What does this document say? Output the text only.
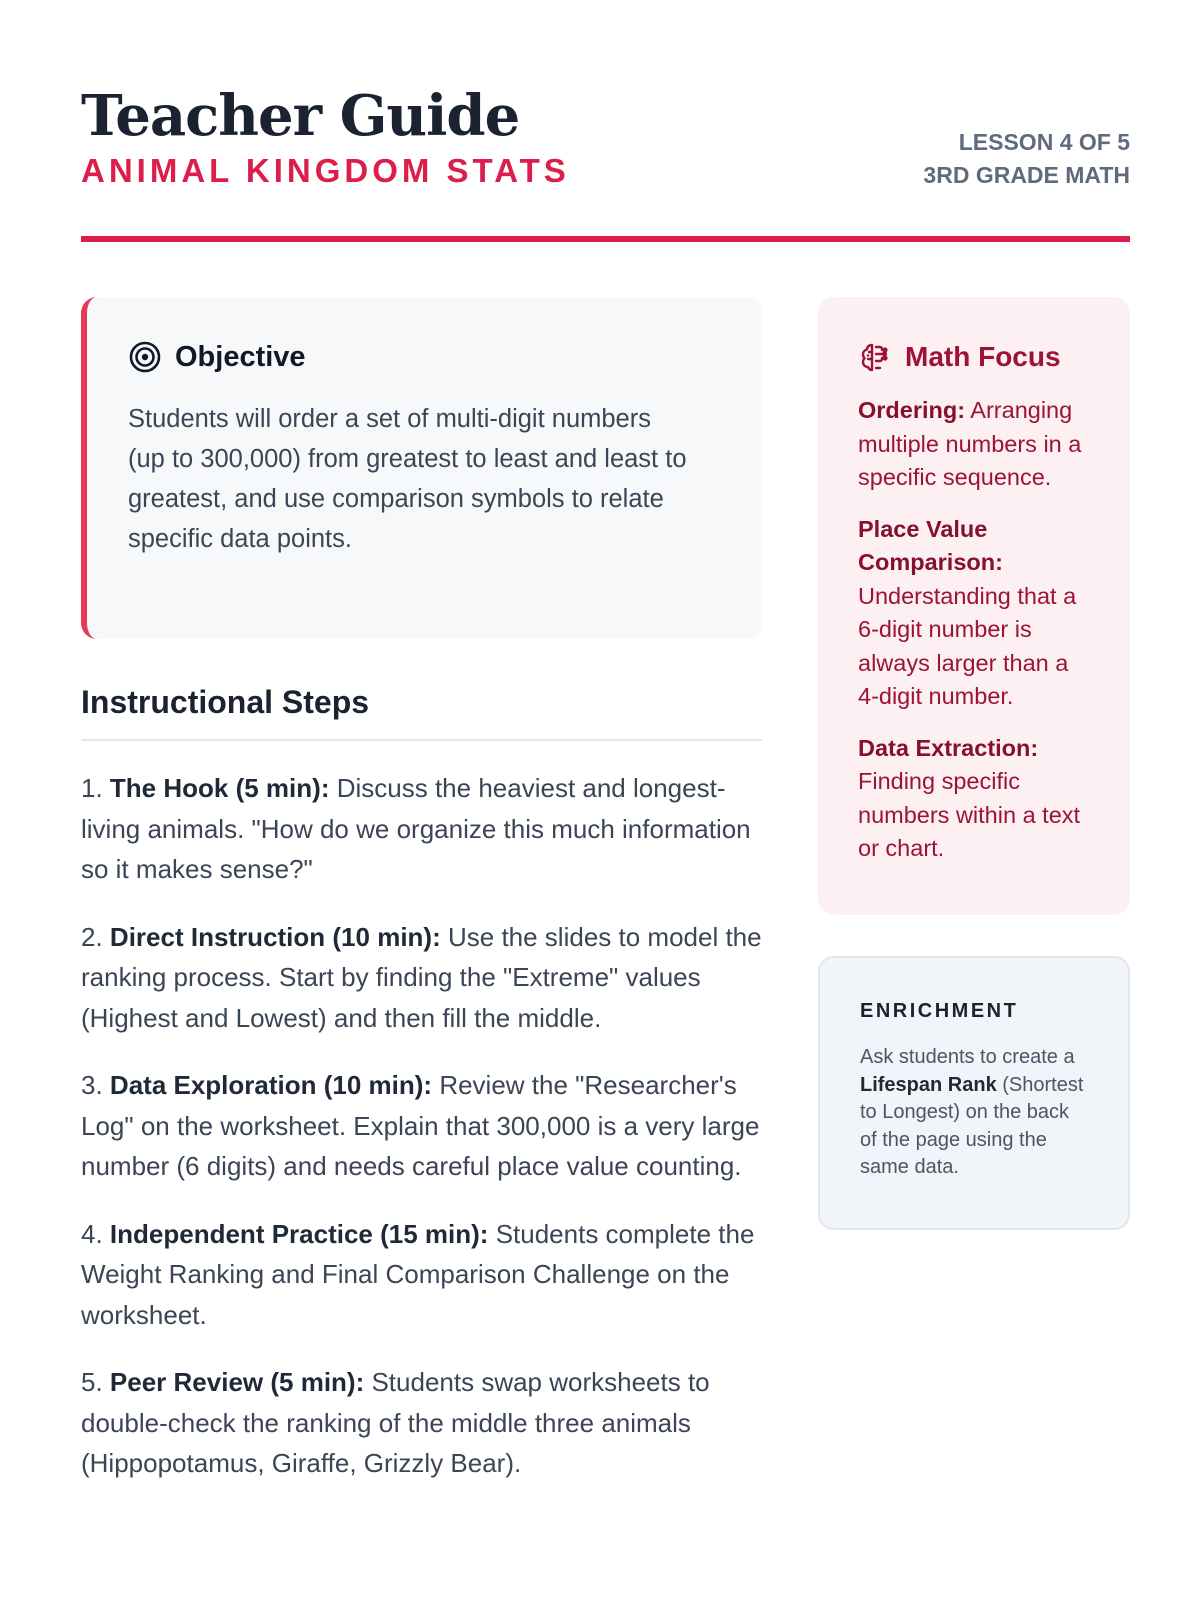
Teacher Guide
ANIMAL KINGDOM STATS
LESSON 4 OF 5
3RD GRADE MATH
Objective

Students will order a set of multi-digit numbers (up to 300,000) from greatest to least and least to greatest, and use comparison symbols to relate specific data points.

Instructional Steps
1. The Hook (5 min): Discuss the heaviest and longest-living animals. "How do we organize this much information so it makes sense?"
2. Direct Instruction (10 min): Use the slides to model the ranking process. Start by finding the "Extreme" values (Highest and Lowest) and then fill the middle.
3. Data Exploration (10 min): Review the "Researcher's Log" on the worksheet. Explain that 300,000 is a very large number (6 digits) and needs careful place value counting.
4. Independent Practice (15 min): Students complete the Weight Ranking and Final Comparison Challenge on the worksheet.
5. Peer Review (5 min): Students swap worksheets to double-check the ranking of the middle three animals (Hippopotamus, Giraffe, Grizzly Bear).
Math Focus

Ordering: Arranging multiple numbers in a specific sequence.

Place Value Comparison: Understanding that a 6-digit number is always larger than a 4-digit number.

Data Extraction: Finding specific numbers within a text or chart.

ENRICHMENT

Ask students to create a Lifespan Rank (Shortest to Longest) on the back of the page using the same data.
